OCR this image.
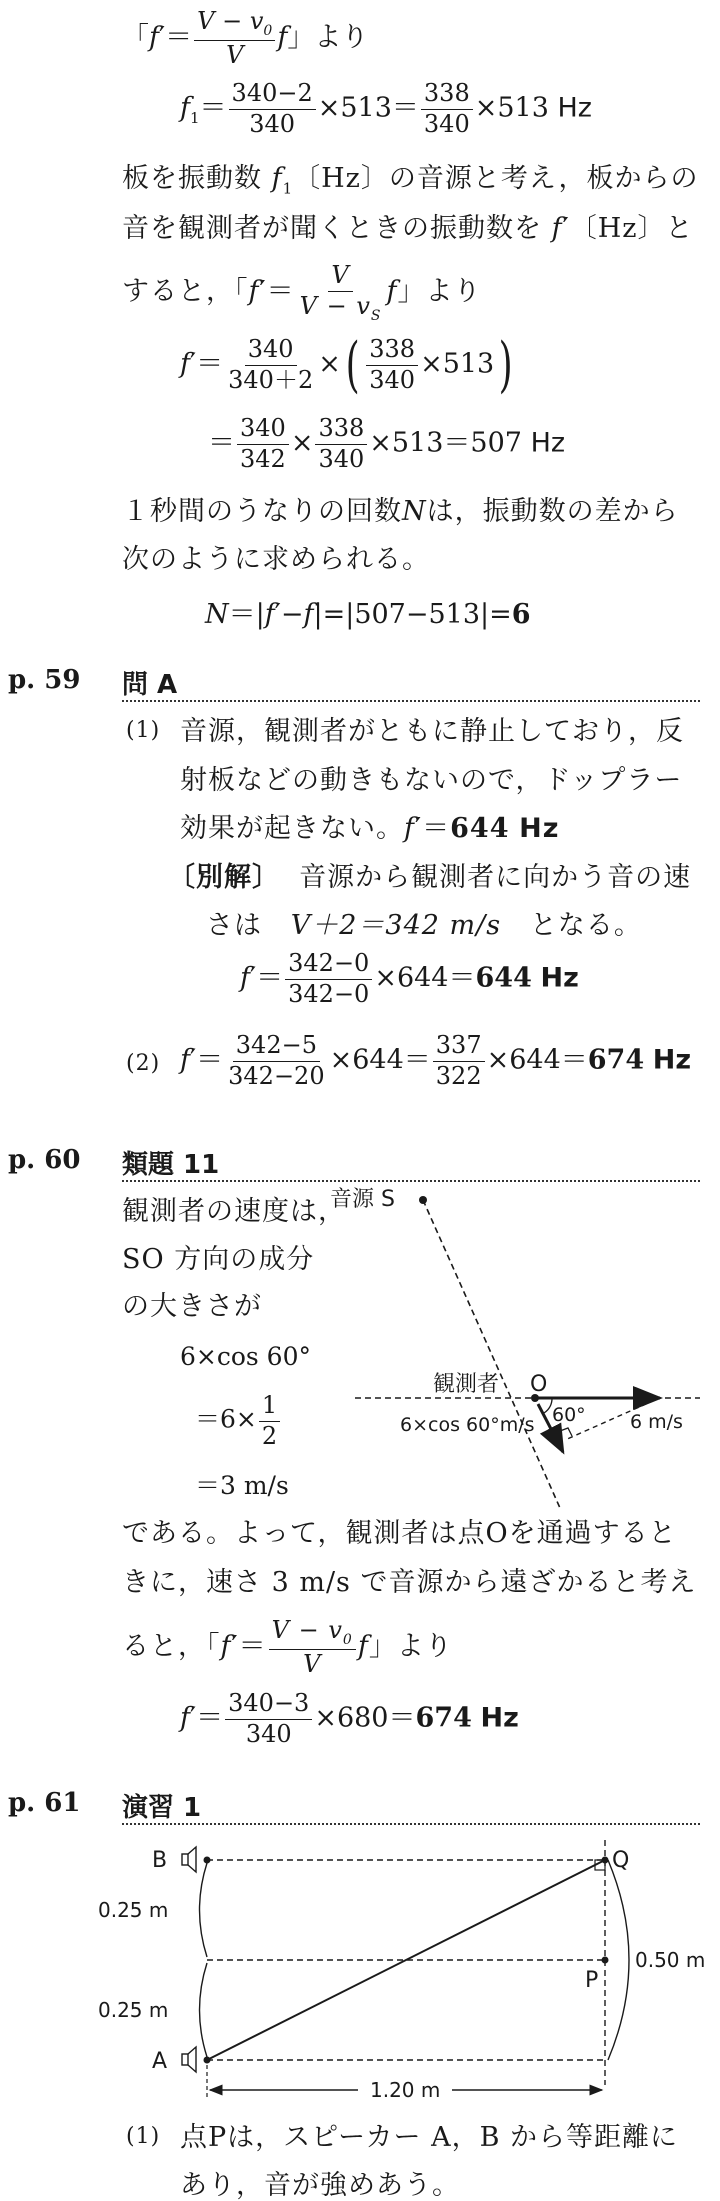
「$f'= \frac{V - v_0}{V}$ f」より
$f_1= \frac{340-2}{340} \times 513= \frac{338}{340} \times 513$ Hz
板を振動数 $f_1$〔Hz〕の音源と考え，板からの
音を観測者が聞くときの振動数を f′〔Hz〕と
すると，「$f'= \frac{V}{V - v_S}$ f」より
$f'= \frac{340}{340+2}$ ×( $\frac{338}{340} \times 513$)
＝ $\frac{340}{342} \times \frac{338}{340} \times 513=507$ Hz
１秒間のうなりの回数Nは，振動数の差から
次のように求められる。
N＝|f′−f|=|507−513|=6
p. 59 問 A
(1) 音源，観測者がともに静止しており，反
射板などの動きもないので，ドップラー
効果が起きない。f′＝644 Hz
〔別解〕 音源から観測者に向かう音の速
さは V＋2＝342 m/s となる。
$f'= \frac{342-0}{342-0} \times 644=644$ Hz
(2) $f'= \frac{342-5}{342-20} \times 644= \frac{337}{322} \times 644=674$ Hz
p. 60 類題 11
観測者の速度は，
SO 方向の成分
の大きさが
6×cos 60°
$=6\times \frac{1}{2}$
＝3 m/s
音源 S
観測者 O
60°
6×cos 60°m/s	6 m/s
である。よって，観測者は点Oを通過すると
きに，速さ 3 m/s で音源から遠ざかると考え
ると，「$f'= \frac{V - v_0}{V}$ f」より
$f'= \frac{340-3}{340} \times 680=674$ Hz
p. 61 演習 1
B
A
Q
P
0.25 m
0.25 m
0.50 m
1.20 m
(1) 点Pは，スピーカー A，B から等距離に
あり，音が強めあう。
